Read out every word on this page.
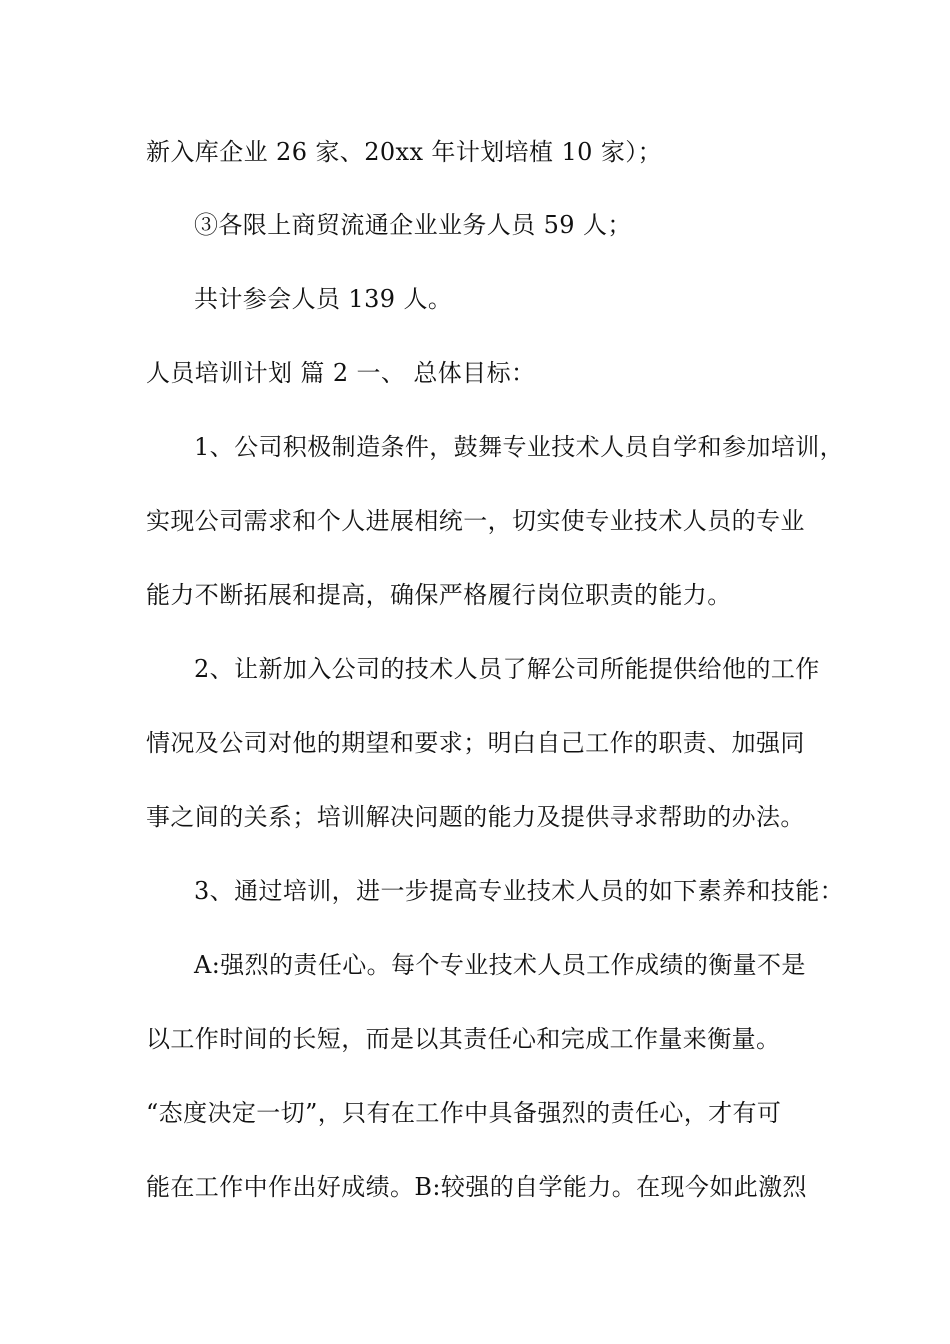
新入库企业 26 家、20xx 年计划培植 10 家）；
③各限上商贸流通企业业务人员 59 人；
共计参会人员 139 人。
人员培训计划 篇 2 一、 总体目标：
1、公司积极制造条件，鼓舞专业技术人员自学和参加培训，
实现公司需求和个人进展相统一，切实使专业技术人员的专业
能力不断拓展和提高，确保严格履行岗位职责的能力。
2、让新加入公司的技术人员了解公司所能提供给他的工作
情况及公司对他的期望和要求；明白自己工作的职责、加强同
事之间的关系；培训解决问题的能力及提供寻求帮助的办法。
3、通过培训，进一步提高专业技术人员的如下素养和技能：
A:强烈的责任心。每个专业技术人员工作成绩的衡量不是
以工作时间的长短，而是以其责任心和完成工作量来衡量。
“态度决定一切”，只有在工作中具备强烈的责任心，才有可
能在工作中作出好成绩。B:较强的自学能力。在现今如此激烈
